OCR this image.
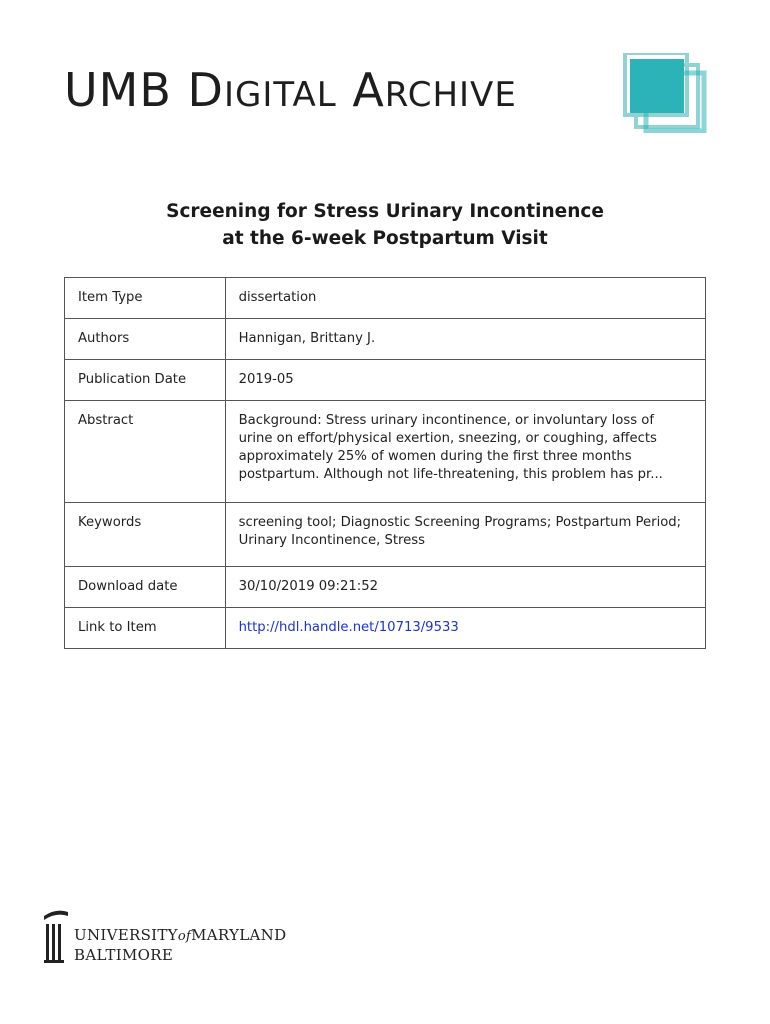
UMB DIGITAL ARCHIVE
Screening for Stress Urinary Incontinence
at the 6-week Postpartum Visit
Item Type	dissertation
Authors	Hannigan, Brittany J.
Publication Date	2019-05
Abstract	Background: Stress urinary incontinence, or involuntary loss of urine on effort/physical exertion, sneezing, or coughing, affects approximately 25% of women during the first three months postpartum. Although not life-threatening, this problem has pr...
Keywords	screening tool; Diagnostic Screening Programs; Postpartum Period; Urinary Incontinence, Stress
Download date	30/10/2019 09:21:52
Link to Item	http://hdl.handle.net/10713/9533
UNIVERSITYofMARYLAND
BALTIMORE
